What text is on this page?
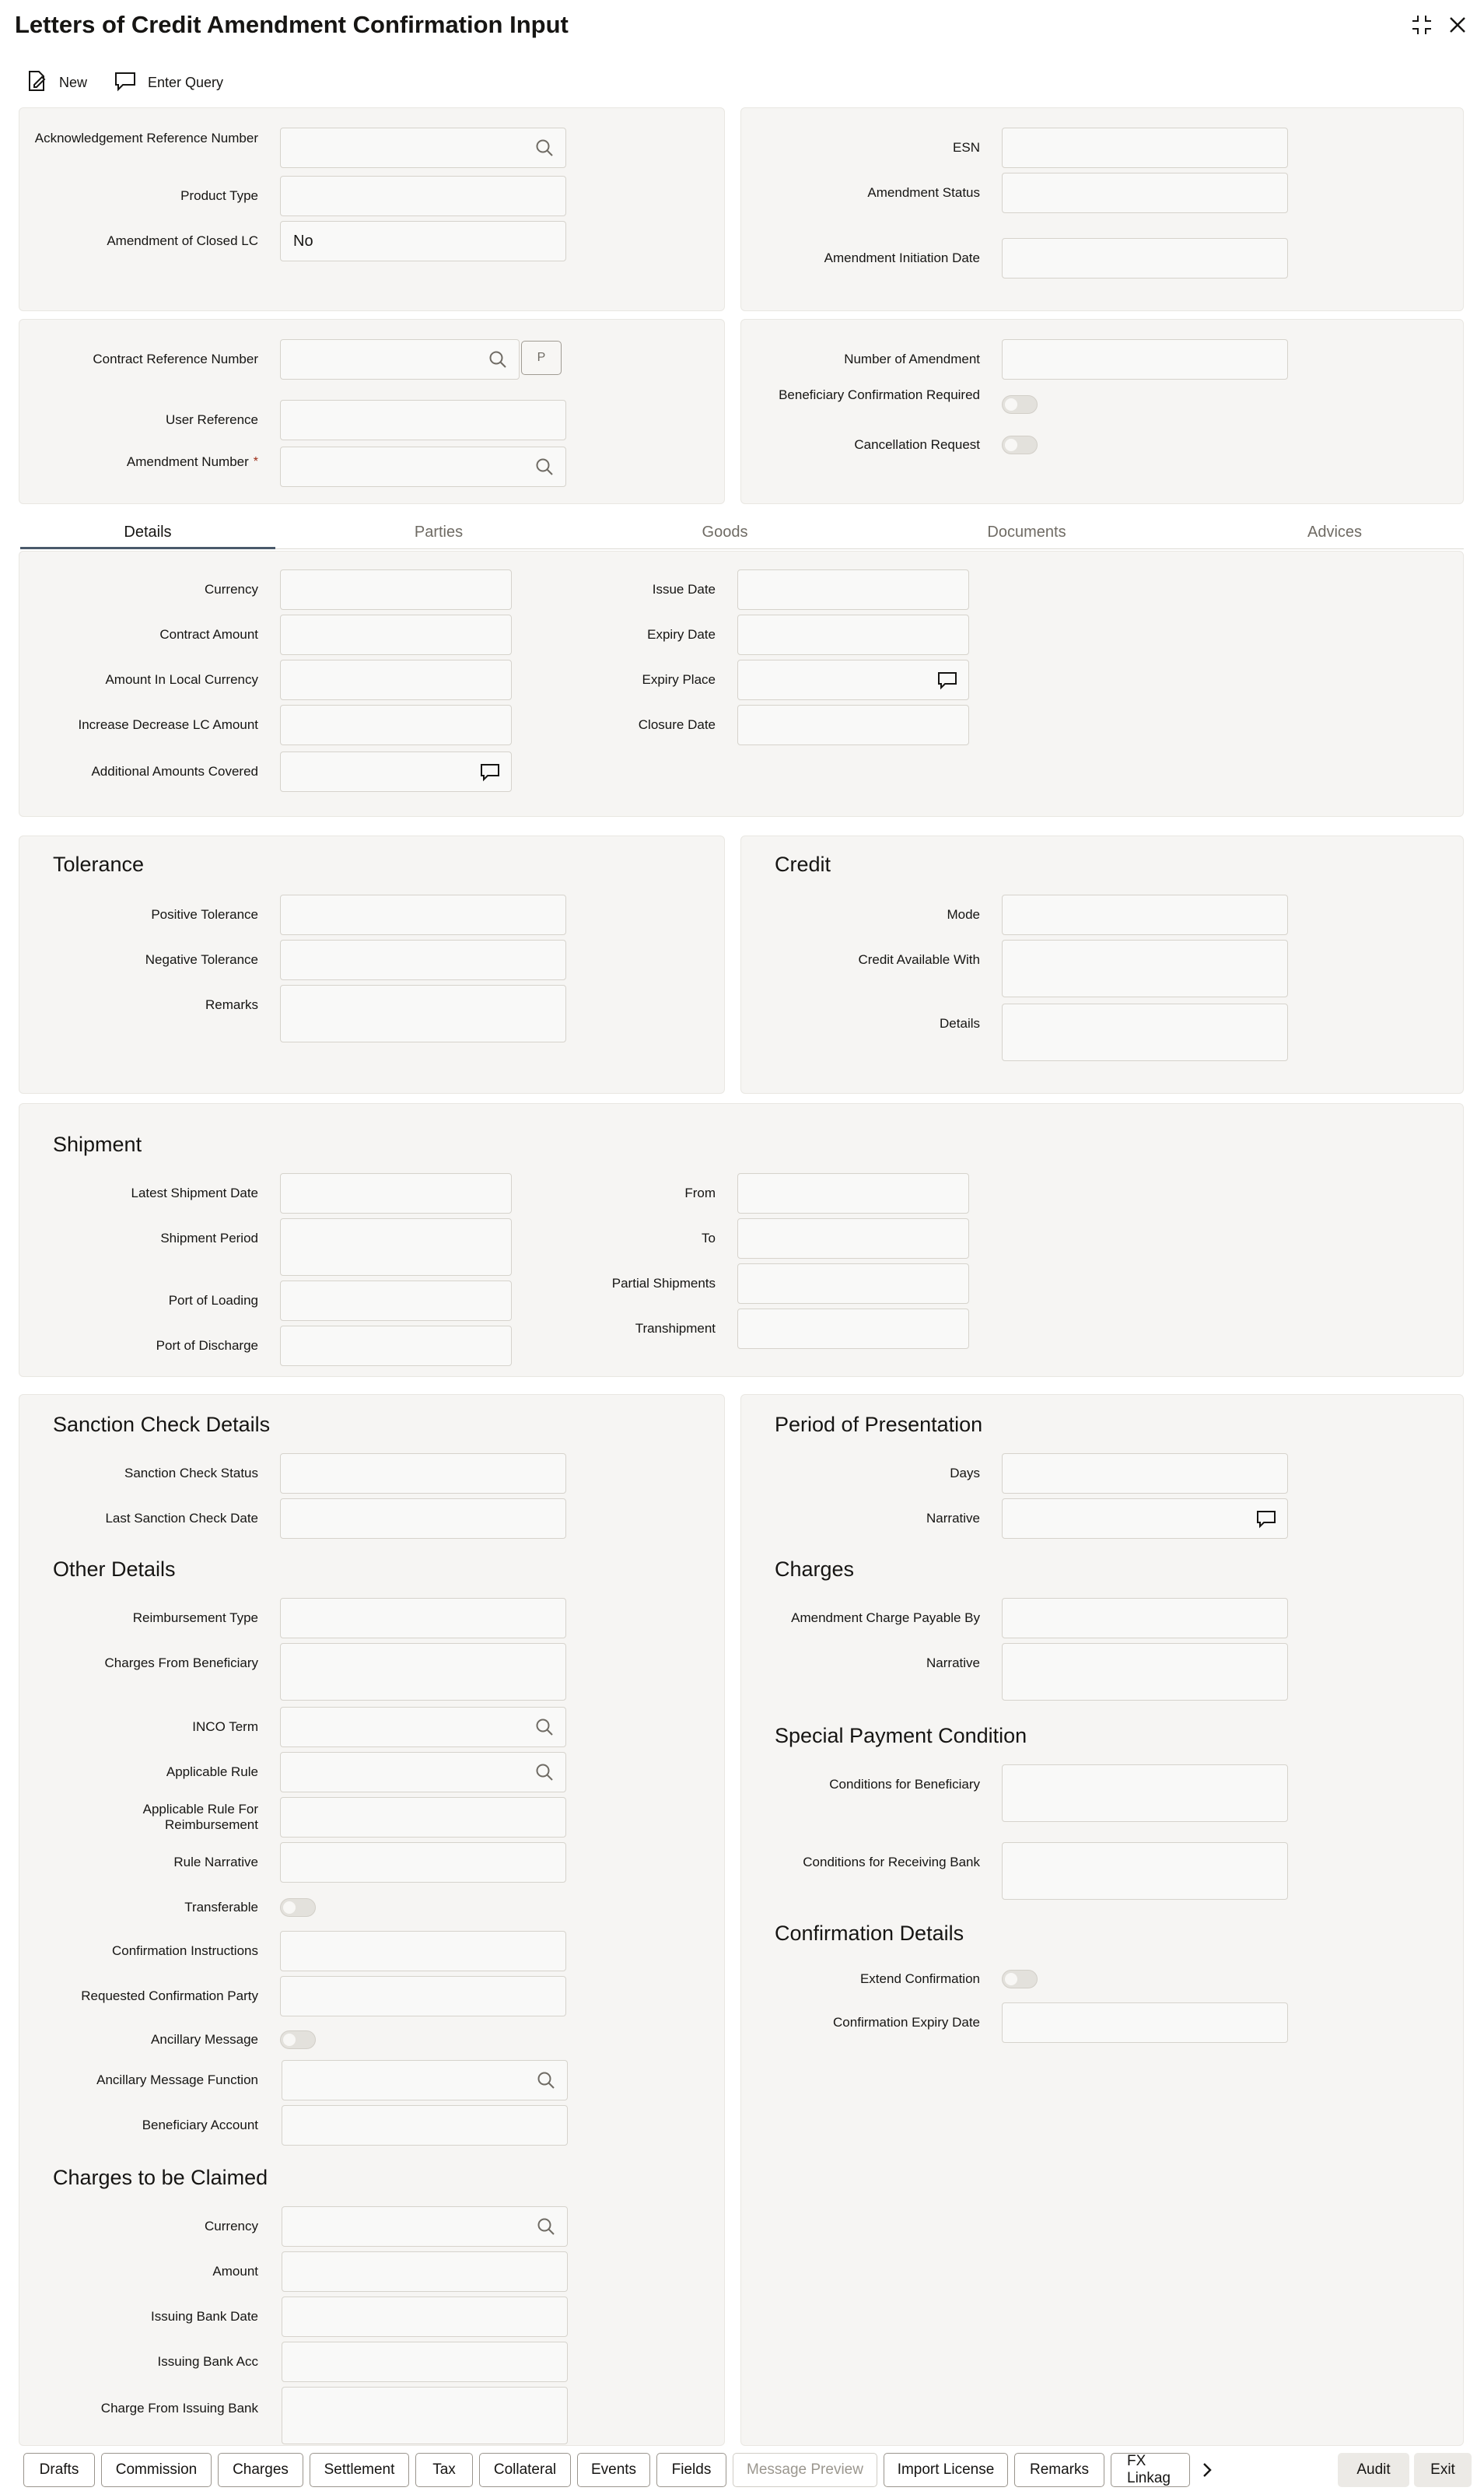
Letters of Credit Amendment Confirmation Input
New	Enter Query
Acknowledgement Reference Number
Product Type
Amendment of Closed LC	No
ESN
Amendment Status
Amendment Initiation Date
Contract Reference Number	P
User Reference
Amendment Number *
Number of Amendment
Beneficiary Confirmation Required
Cancellation Request
Details	Parties	Goods	Documents	Advices
Currency
Contract Amount
Amount In Local Currency
Increase Decrease LC Amount
Additional Amounts Covered
Issue Date
Expiry Date
Expiry Place
Closure Date
Tolerance
Positive Tolerance
Negative Tolerance
Remarks
Credit
Mode
Credit Available With
Details
Shipment
Latest Shipment Date
Shipment Period
Port of Loading
Port of Discharge
From
To
Partial Shipments
Transhipment
Sanction Check Details
Sanction Check Status
Last Sanction Check Date
Other Details
Reimbursement Type
Charges From Beneficiary
INCO Term
Applicable Rule
Applicable Rule For Reimbursement
Rule Narrative
Transferable
Confirmation Instructions
Requested Confirmation Party
Ancillary Message
Ancillary Message Function
Beneficiary Account
Charges to be Claimed
Currency
Amount
Issuing Bank Date
Issuing Bank Acc
Charge From Issuing Bank
Period of Presentation
Days
Narrative
Charges
Amendment Charge Payable By
Narrative
Special Payment Condition
Conditions for Beneficiary
Conditions for Receiving Bank
Confirmation Details
Extend Confirmation
Confirmation Expiry Date
Drafts	Commission	Charges	Settlement	Tax	Collateral	Events	Fields	Message Preview	Import License	Remarks
FX Linkag
Audit	Exit
